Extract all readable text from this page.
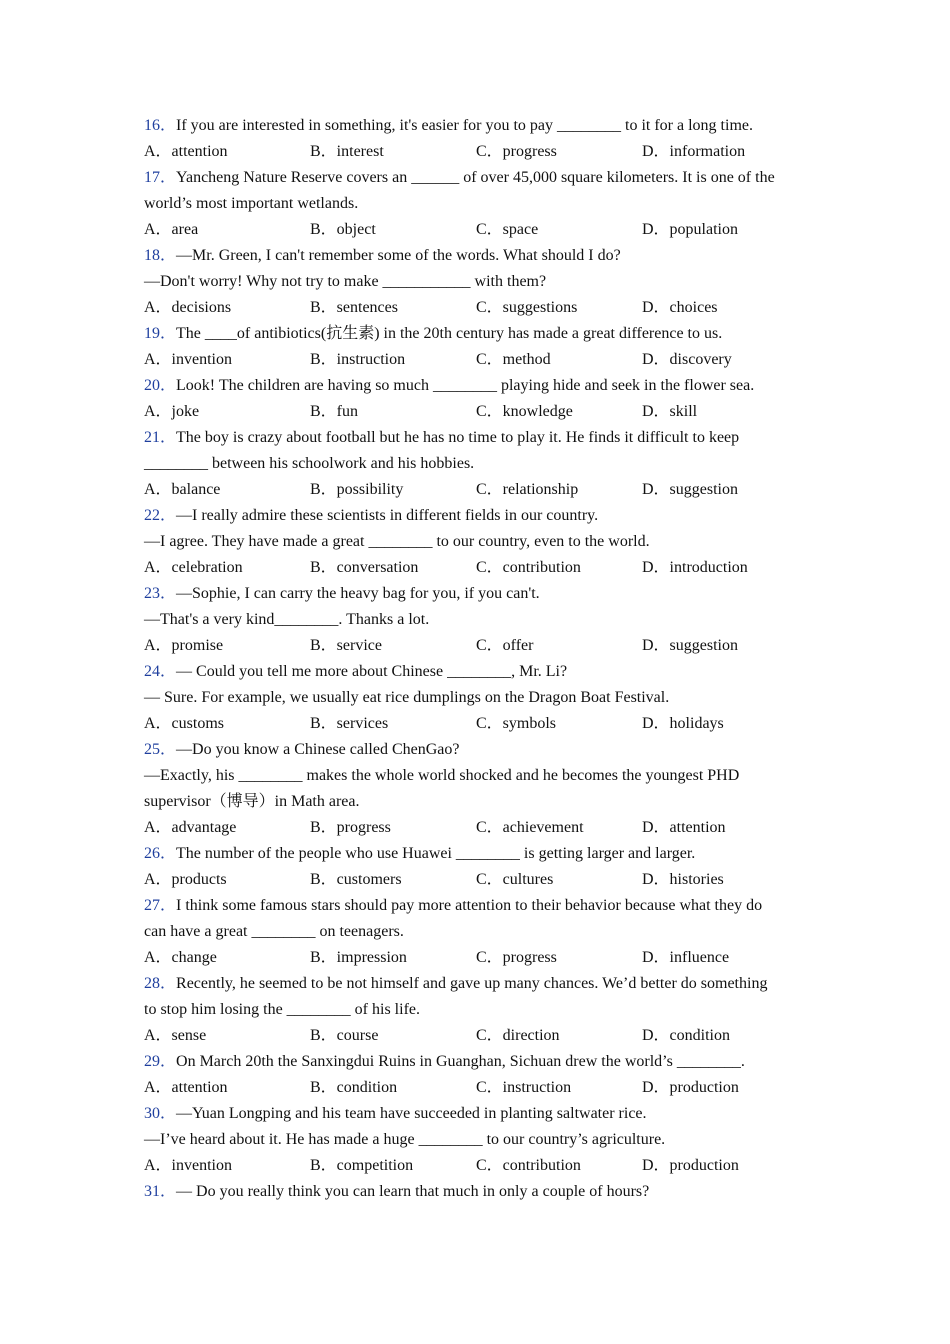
16．If you are interested in something, it's easier for you to pay ________ to it for a long time.
A．attention	B．interest	C．progress	D．information
17．Yancheng Nature Reserve covers an ______ of over 45,000 square kilometers. It is one of the
world’s most important wetlands.
A．area	B．object	C．space	D．population
18．—Mr. Green, I can't remember some of the words. What should I do?
—Don't worry! Why not try to make ___________ with them?
A．decisions	B．sentences	C．suggestions	D．choices
19．The ____of antibiotics(抗生素) in the 20th century has made a great difference to us.
A．invention	B．instruction	C．method	D．discovery
20．Look! The children are having so much ________ playing hide and seek in the flower sea.
A．joke	B．fun	C．knowledge	D．skill
21．The boy is crazy about football but he has no time to play it. He finds it difficult to keep
________ between his schoolwork and his hobbies.
A．balance	B．possibility	C．relationship	D．suggestion
22．—I really admire these scientists in different fields in our country.
—I agree. They have made a great ________ to our country, even to the world.
A．celebration	B．conversation	C．contribution	D．introduction
23．—Sophie, I can carry the heavy bag for you, if you can't.
—That's a very kind________. Thanks a lot.
A．promise	B．service	C．offer	D．suggestion
24．— Could you tell me more about Chinese ________, Mr. Li?
— Sure. For example, we usually eat rice dumplings on the Dragon Boat Festival.
A．customs	B．services	C．symbols	D．holidays
25．—Do you know a Chinese called ChenGao?
—Exactly, his ________ makes the whole world shocked and he becomes the youngest PHD
supervisor（博导）in Math area.
A．advantage	B．progress	C．achievement	D．attention
26．The number of the people who use Huawei ________ is getting larger and larger.
A．products	B．customers	C．cultures	D．histories
27．I think some famous stars should pay more attention to their behavior because what they do
can have a great ________ on teenagers.
A．change	B．impression	C．progress	D．influence
28．Recently, he seemed to be not himself and gave up many chances. We’d better do something
to stop him losing the ________ of his life.
A．sense	B．course	C．direction	D．condition
29．On March 20th the Sanxingdui Ruins in Guanghan, Sichuan drew the world’s ________.
A．attention	B．condition	C．instruction	D．production
30．—Yuan Longping and his team have succeeded in planting saltwater rice.
—I’ve heard about it. He has made a huge ________ to our country’s agriculture.
A．invention	B．competition	C．contribution	D．production
31．— Do you really think you can learn that much in only a couple of hours?
